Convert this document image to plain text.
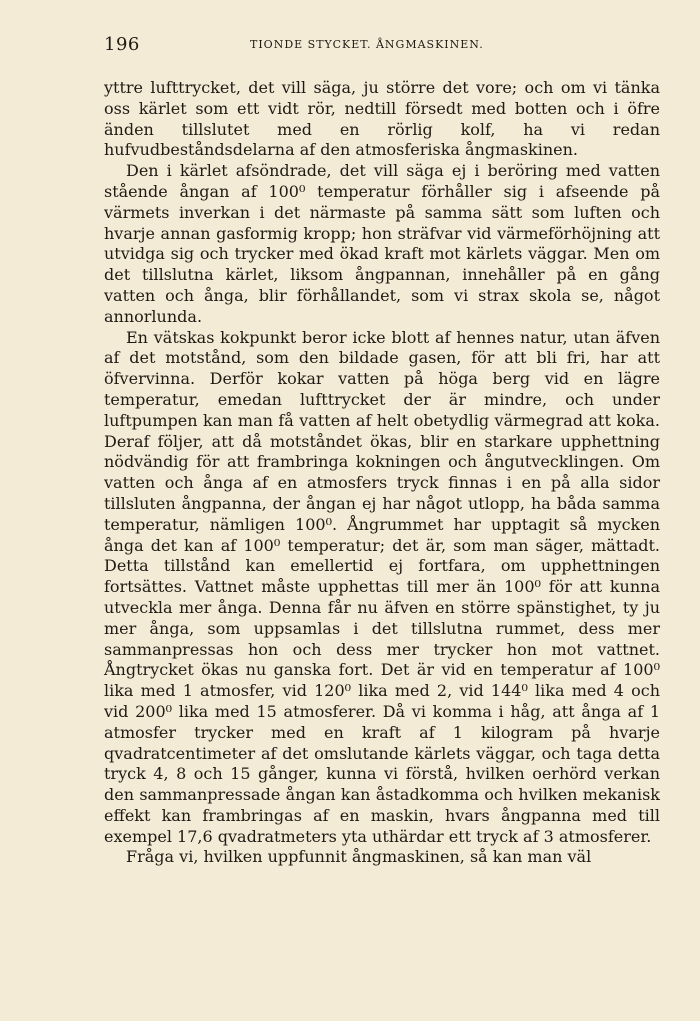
196	TIONDE STYCKET. ÅNGMASKINEN.

yttre lufttrycket, det vill säga, ju större det vore; och om vi tänka oss kärlet som ett vidt rör, nedtill försedt med botten och i öfre änden tillslutet med en rörlig kolf, ha vi redan hufvudbeståndsdelarna af den atmosferiska ångmaskinen.

Den i kärlet afsöndrade, det vill säga ej i beröring med vatten stående ångan af 100⁰ temperatur förhåller sig i afseende på värmets inverkan i det närmaste på samma sätt som luften och hvarje annan gasformig kropp; hon sträfvar vid värmeförhöjning att utvidga sig och trycker med ökad kraft mot kärlets väggar. Men om det tillslutna kärlet, liksom ångpannan, innehåller på en gång vatten och ånga, blir förhållandet, som vi strax skola se, något annorlunda.

En vätskas kokpunkt beror icke blott af hennes natur, utan äfven af det motstånd, som den bildade gasen, för att bli fri, har att öfvervinna. Derför kokar vatten på höga berg vid en lägre temperatur, emedan lufttrycket der är mindre, och under luftpumpen kan man få vatten af helt obetydlig värmegrad att koka. Deraf följer, att då motståndet ökas, blir en starkare upphettning nödvändig för att frambringa kokningen och ångutvecklingen. Om vatten och ånga af en atmosfers tryck finnas i en på alla sidor tillsluten ångpanna, der ångan ej har något utlopp, ha båda samma temperatur, nämligen 100⁰. Ångrummet har upptagit så mycken ånga det kan af 100⁰ temperatur; det är, som man säger, mättadt. Detta tillstånd kan emellertid ej fortfara, om upphettningen fortsättes. Vattnet måste upphettas till mer än 100⁰ för att kunna utveckla mer ånga. Denna får nu äfven en större spänstighet, ty ju mer ånga, som uppsamlas i det tillslutna rummet, dess mer sammanpressas hon och dess mer trycker hon mot vattnet. Ångtrycket ökas nu ganska fort. Det är vid en temperatur af 100⁰ lika med 1 atmosfer, vid 120⁰ lika med 2, vid 144⁰ lika med 4 och vid 200⁰ lika med 15 atmosferer. Då vi komma i håg, att ånga af 1 atmosfer trycker med en kraft af 1 kilogram på hvarje qvadratcentimeter af det omslutande kärlets väggar, och taga detta tryck 4, 8 och 15 gånger, kunna vi förstå, hvilken oerhörd verkan den sammanpressade ångan kan åstadkomma och hvilken mekanisk effekt kan frambringas af en maskin, hvars ångpanna med till exempel 17,6 qvadratmeters yta uthärdar ett tryck af 3 atmosferer.

Fråga vi, hvilken uppfunnit ångmaskinen, så kan man väl
